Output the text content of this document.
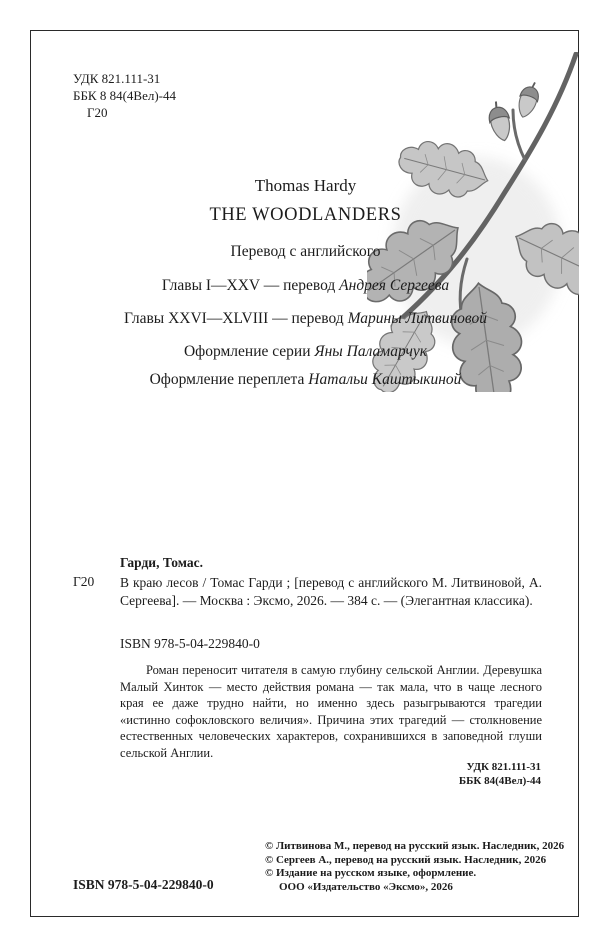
УДК 821.111-31
ББК 8 84(4Вел)-44
Г20
Thomas Hardy
THE WOODLANDERS
Перевод с английского
Главы I—XXV — перевод Андрея Сергеева
Главы XXVI—XLVIII — перевод Марины Литвиновой
Оформление серии Яны Паламарчук
Оформление переплета Натальи Каштыкиной
Гарди, Томас.
Г20 В краю лесов / Томас Гарди ; [перевод с английского М. Литвиновой, А. Сергеева]. — Москва : Эксмо, 2026. — 384 с. — (Элегантная классика).
ISBN 978-5-04-229840-0
Роман переносит читателя в самую глубину сельской Англии. Деревушка Малый Хинток — место действия романа — так мала, что в чаще лесного края ее даже трудно найти, но именно здесь разыгрываются трагедии «истинно софокловского величия». Причина этих трагедий — столкновение естественных человеческих характеров, сохранившихся в заповедной глуши сельской Англии.
УДК 821.111-31
ББК 84(4Вел)-44
© Литвинова М., перевод на русский язык. Наследник, 2026
© Сергеев А., перевод на русский язык. Наследник, 2026
© Издание на русском языке, оформление.
ООО «Издательство «Эксмо», 2026
ISBN 978-5-04-229840-0
